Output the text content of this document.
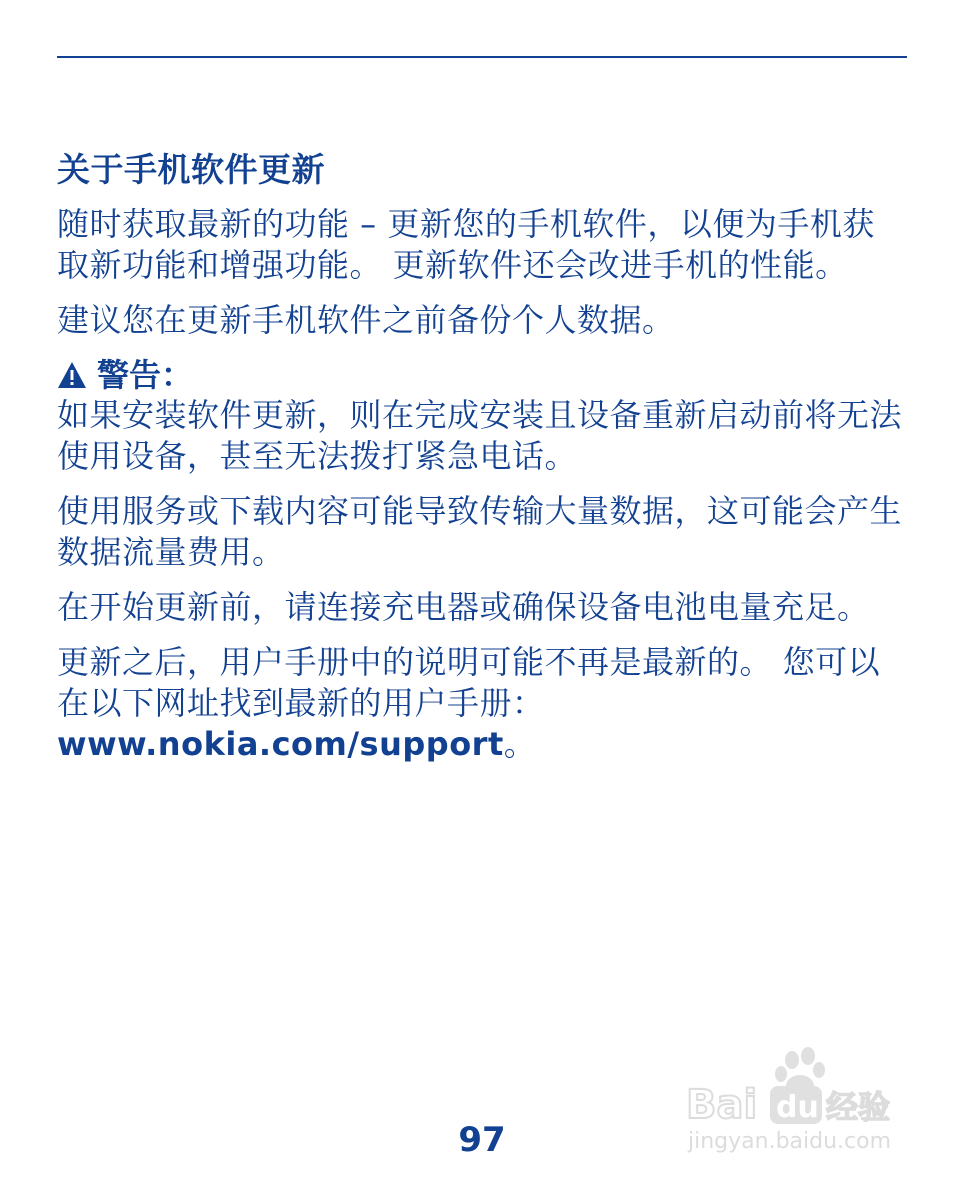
关于手机软件更新
随时获取最新的功能 – 更新您的手机软件，以便为手机获取新功能和增强功能。 更新软件还会改进手机的性能。
建议您在更新手机软件之前备份个人数据。
警告：
如果安装软件更新，则在完成安装且设备重新启动前将无法使用设备，甚至无法拨打紧急电话。
使用服务或下载内容可能导致传输大量数据，这可能会产生数据流量费用。
在开始更新前，请连接充电器或确保设备电池电量充足。
更新之后，用户手册中的说明可能不再是最新的。 您可以在以下网址找到最新的用户手册：www.nokia.com/support。
97
Bai du 经验
jingyan.baidu.com
